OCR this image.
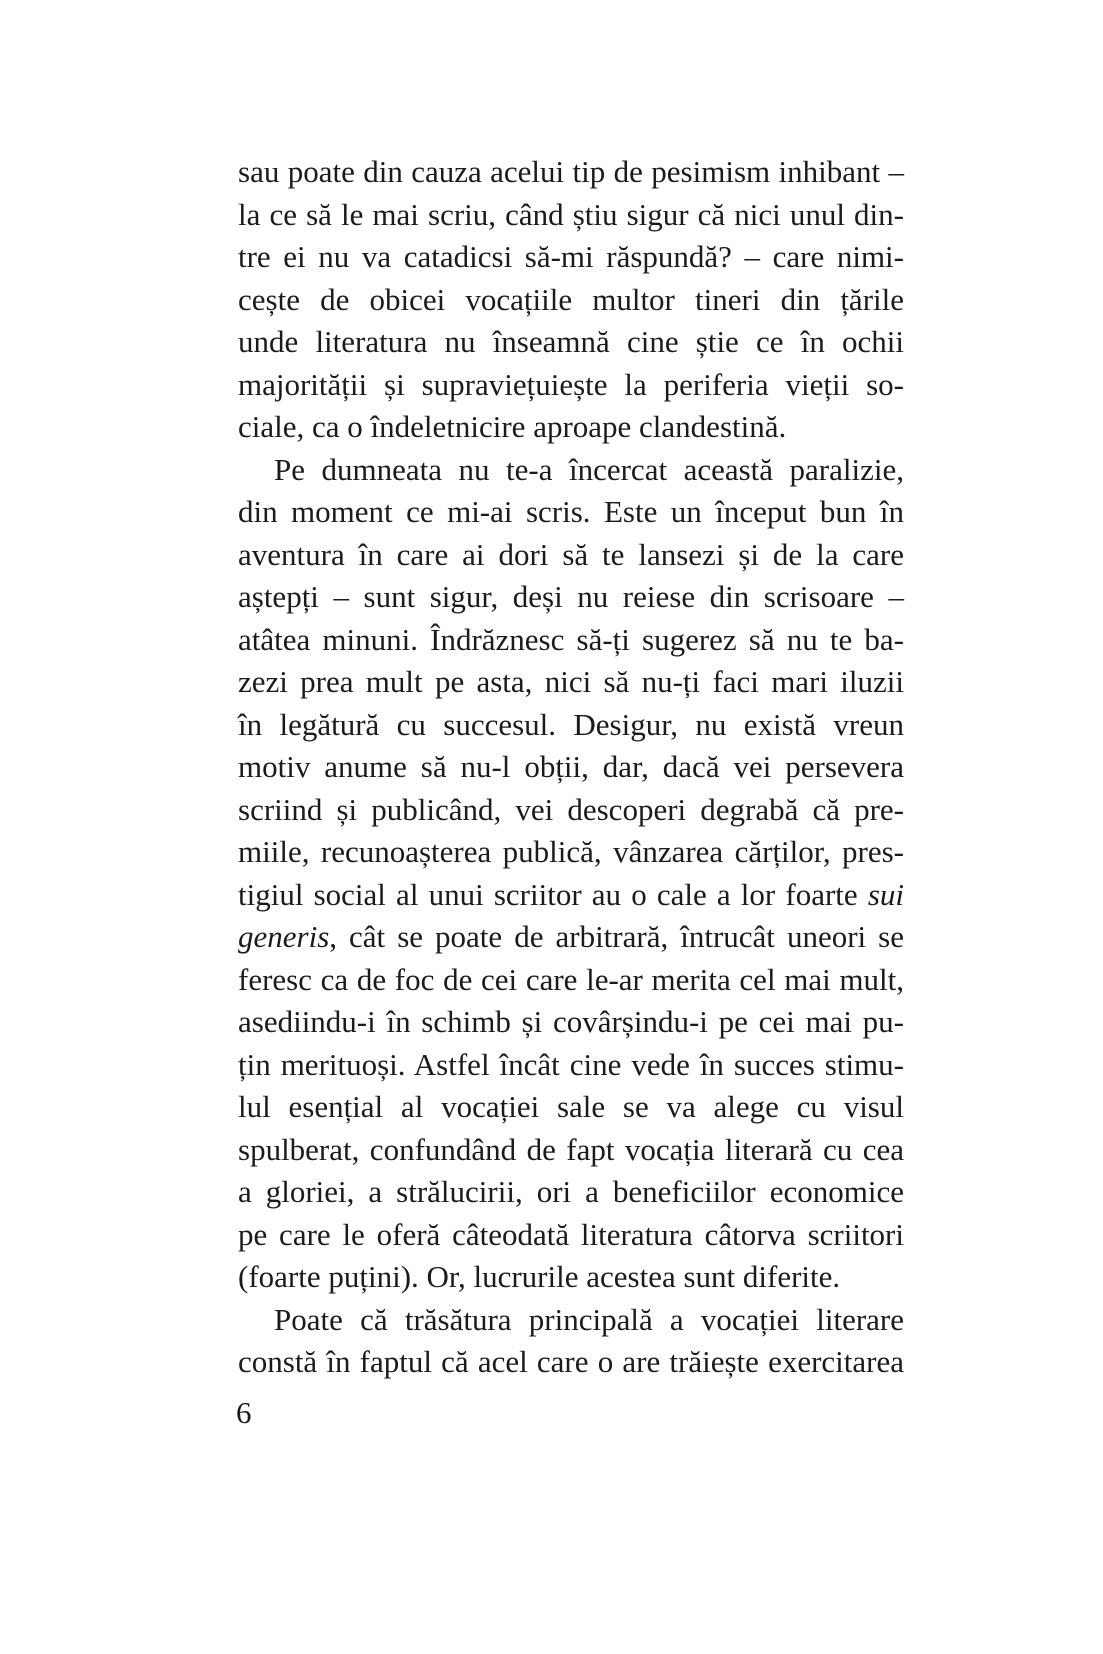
sau poate din cauza acelui tip de pesimism inhibant –
la ce să le mai scriu, când știu sigur că nici unul din-
tre ei nu va catadicsi să-mi răspundă? – care nimi-
cește de obicei vocațiile multor tineri din țările
unde literatura nu înseamnă cine știe ce în ochii
majorității și supraviețuiește la periferia vieții so-
ciale, ca o îndeletnicire aproape clandestină.
Pe dumneata nu te-a încercat această paralizie,
din moment ce mi-ai scris. Este un început bun în
aventura în care ai dori să te lansezi și de la care
aștepți – sunt sigur, deși nu reiese din scrisoare –
atâtea minuni. Îndrăznesc să-ți sugerez să nu te ba-
zezi prea mult pe asta, nici să nu-ți faci mari iluzii
în legătură cu succesul. Desigur, nu există vreun
motiv anume să nu-l obții, dar, dacă vei persevera
scriind și publicând, vei descoperi degrabă că pre-
miile, recunoașterea publică, vânzarea cărților, pres-
tigiul social al unui scriitor au o cale a lor foarte sui
generis, cât se poate de arbitrară, întrucât uneori se
feresc ca de foc de cei care le-ar merita cel mai mult,
asediindu-i în schimb și covârșindu-i pe cei mai pu-
țin merituoși. Astfel încât cine vede în succes stimu-
lul esențial al vocației sale se va alege cu visul
spulberat, confundând de fapt vocația literară cu cea
a gloriei, a strălucirii, ori a beneficiilor economice
pe care le oferă câteodată literatura câtorva scriitori
(foarte puțini). Or, lucrurile acestea sunt diferite.
Poate că trăsătura principală a vocației literare
constă în faptul că acel care o are trăiește exercitarea
6
